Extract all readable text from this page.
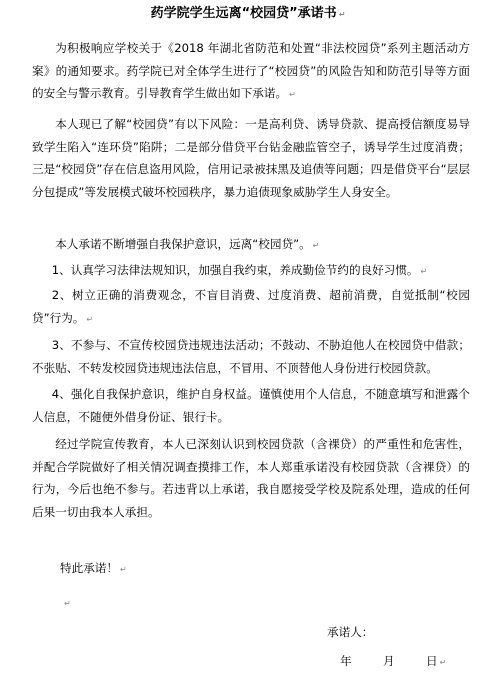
药学院学生远离“校园贷”承诺书 ↵
为积极响应学校关于《2018 年湖北省防范和处置“非法校园贷”系列主题活动方案》的通知要求。药学院已对全体学生进行了“校园贷”的风险告知和防范引导等方面的安全与警示教育。引导教育学生做出如下承诺。 ↵
本人现已了解“校园贷”有以下风险：一是高利贷、诱导贷款、提高授信额度易导致学生陷入“连环贷”陷阱；二是部分借贷平台钻金融监管空子，诱导学生过度消费；三是“校园贷”存在信息盗用风险，信用记录被抹黑及追债等问题；四是借贷平台“层层分包提成”等发展模式破坏校园秩序，暴力追债现象威胁学生人身安全。
本人承诺不断增强自我保护意识，远离“校园贷”。 ↵
1、认真学习法律法规知识，加强自我约束，养成勤俭节约的良好习惯。 ↵
2、树立正确的消费观念，不盲目消费、过度消费、超前消费，自觉抵制“校园贷”行为。 ↵
3、不参与、不宣传校园贷违规违法活动；不鼓动、不胁迫他人在校园贷中借款；不张贴、不转发校园贷违规违法信息，不冒用、不顶替他人身份进行校园贷款。
4、强化自我保护意识，维护自身权益。谨慎使用个人信息，不随意填写和泄露个人信息，不随便外借身份证、银行卡。
经过学院宣传教育，本人已深刻认识到校园贷款（含裸贷）的严重性和危害性，并配合学院做好了相关情况调查摸排工作，本人郑重承诺没有校园贷款（含裸贷）的行为，今后也绝不参与。若违背以上承诺，我自愿接受学校及院系处理，造成的任何后果一切由我本人承担。
特此承诺！ ↵
↵
承诺人：
年	月	日 ↵
